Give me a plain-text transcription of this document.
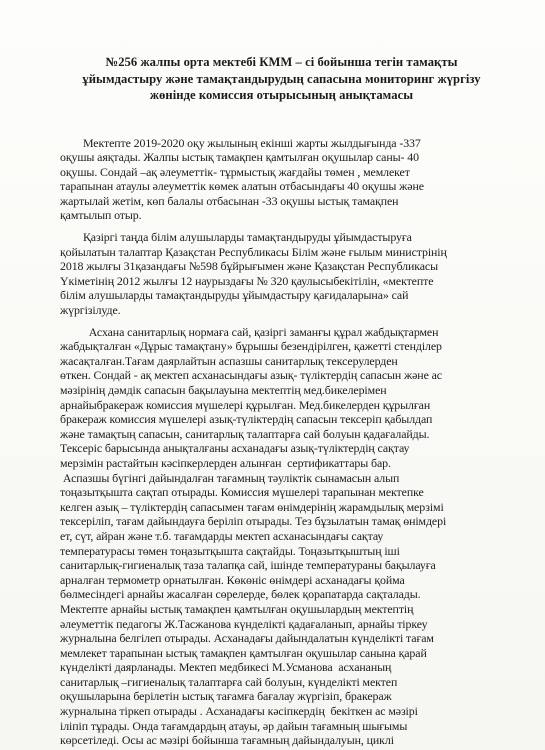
№256 жалпы орта мектебі КММ – сі бойынша тегін тамақты
ұйымдастыру және тамақтандырудың сапасына мониторинг жүргізу
жөнінде комиссия отырысының анықтамасы
Мектепте 2019-2020 оқу жылының екінші жарты жылдығында -337
оқушы аяқтады. Жалпы ыстық тамақпен қамтылған оқушылар саны- 40
оқушы. Сондай –ақ әлеуметтік- тұрмыстық жағдайы төмен , мемлекет
тарапынан атаулы әлеуметтік көмек алатын отбасындағы 40 оқушы және
жартылай жетім, көп балалы отбасынан -33 оқушы ыстық тамақпен
қамтылып отыр.
Қазіргі таңда білім алушыларды тамақтандыруды ұйымдастыруға
қойылатын талаптар Қазақстан Республикасы Білім және ғылым министрінің
2018 жылғы 31қазандағы №598 бұйрығымен және Қазақстан Республикасы
Үкіметінің 2012 жылғы 12 наурыздағы № 320 қаулысыбекітілін, «мектепте
білім алушыларды тамақтандыруды ұйымдастыру қағидаларына» сай
жүргізілуде.
Асхана санитарлық нормаға сай, қазіргі заманғы құрал жабдықтармен
жабдықталған «Дұрыс тамақтану» бұрышы безендірілген, қажетті стенділер
жасақталған.Тағам даярлайтын аспазшы санитарлық тексерулерден
өткен. Сондай - ақ мектеп асханасындағы азық- түліктердің сапасын және ас
мәзірінің дәмдік сапасын бақылауына мектептің мед.бикелерімен
арнайыбракераж комиссия мүшелері құрылған. Мед.бикелерден құрылған
бракераж комиссия мүшелері азық-түліктердің сапасын тексеріп қабылдап
және тамақтың сапасын, санитарлық талаптарға сай болуын қадағалайды.
Тексеріс барысында анықталғаны асханадағы азық-түліктердің сақтау
мерзімін растайтын кәсіпкерлерден алынған  сертификаттары бар.
Аспазшы бүгінгі дайындалған тағамның тәуліктік сынамасын алып
тоңазытқышта сақтап отырады. Комиссия мүшелері тарапынан мектепке
келген азық – түліктердің сапасымен тағам өнімдерінің жарамдылық мерзімі
тексеріліп, тағам дайындауға беріліп отырады. Тез бұзылатын тамақ өнімдері
ет, сүт, айран және т.б. тағамдарды мектеп асханасындағы сақтау
температурасы төмен тоңазытқышта сақтайды. Тоңазытқыштың іші
санитарлық-гигиеналық таза талапқа сай, ішінде температураны бақылауға
арналған термометр орнатылған. Көкөніс өнімдері асханадағы қойма
бөлмесіндегі арнайы жасалған сөрелерде, бөлек қорапатарда сақталады.
Мектепте арнайы ыстық тамақпен қамтылған оқушылардың мектептің
әлеуметтік педагогы Ж.Тасжанова күнделікті қадағаланып, арнайы тіркеу
журналына белгілеп отырады. Асханадағы дайындалатын күнделікті тағам
мемлекет тарапынан ыстық тамақпен қамтылған оқушылар санына қарай
күнделікті даярланады. Мектеп медбикесі М.Усманова  асхананың
санитарлық –гигиеналық талаптарға сай болуын, күнделікті мектеп
оқушыларына берілетін ыстық тағамға бағалау жүргізіп, бракераж
журналына тіркеп отырады . Асханадағы кәсіпкердің  бекіткен ас мәзірі
іліпіп тұрады. Онда тағамдардың атауы, әр дайын тағамның шығымы
көрсетіледі. Осы ас мәзірі бойынша тағамның дайындалуын, циклі
